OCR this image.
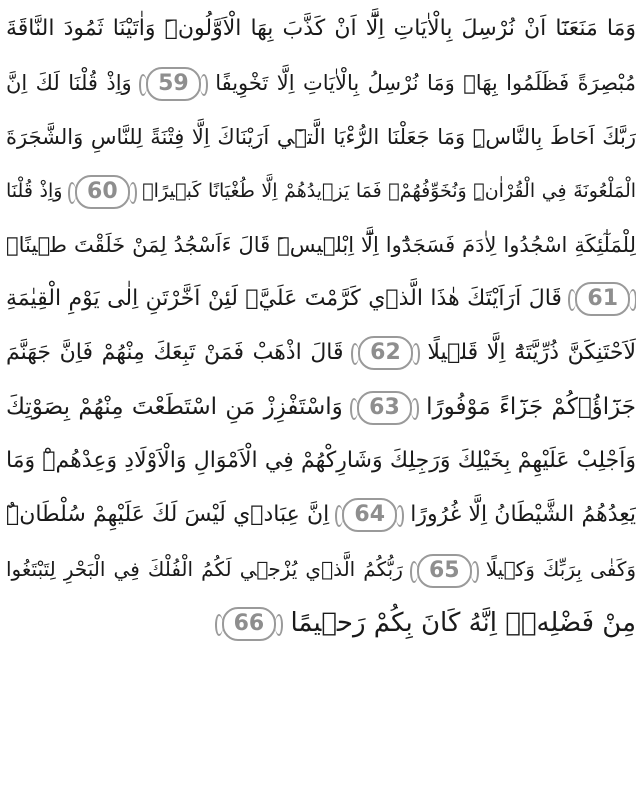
وَمَا مَنَعَنَٓا اَنْ نُرْسِلَ بِالْاٰيَاتِ اِلَّٓا اَنْ كَذَّبَ بِهَا الْاَوَّلُونَۜ وَاٰتَيْنَا ثَمُودَ النَّاقَةَ
مُبْصِرَةً فَظَلَمُوا بِهَاۜ وَمَا نُرْسِلُ بِالْاٰيَاتِ اِلَّا تَخْوِيفًا 59 وَاِذْ قُلْنَا لَكَ اِنَّ
رَبَّكَ اَحَاطَ بِالنَّاسِۜ وَمَا جَعَلْنَا الرُّءْيَا الَّت۪ٓي اَرَيْنَاكَ اِلَّا فِتْنَةً لِلنَّاسِ وَالشَّجَرَةَ
الْمَلْعُونَةَ فِي الْقُرْاٰنِۜ وَنُخَوِّفُهُمْۙ فَمَا يَز۪يدُهُمْ اِلَّا طُغْيَانًا كَب۪يرًا۟ 60 وَاِذْ قُلْنَا
لِلْمَلٰٓئِكَةِ اسْجُدُوا لِاٰدَمَ فَسَجَدُٓوا اِلَّٓا اِبْل۪يسَۜ قَالَ ءَاَسْجُدُ لِمَنْ خَلَقْتَ ط۪ينًاۚ
61 قَالَ اَرَاَيْتَكَ هٰذَا الَّذ۪ي كَرَّمْتَ عَلَيَّۘ لَئِنْ اَخَّرْتَنِ اِلٰى يَوْمِ الْقِيٰمَةِ
لَاَحْتَنِكَنَّ ذُرِّيَّتَهُٓ اِلَّا قَل۪يلًا 62 قَالَ اذْهَبْ فَمَنْ تَبِعَكَ مِنْهُمْ فَاِنَّ جَهَنَّمَ
جَزَٓاؤُ۬كُمْ جَزَٓاءً مَوْفُورًا 63 وَاسْتَفْزِزْ مَنِ اسْتَطَعْتَ مِنْهُمْ بِصَوْتِكَ
وَاَجْلِبْ عَلَيْهِمْ بِخَيْلِكَ وَرَجِلِكَ وَشَارِكْهُمْ فِي الْاَمْوَالِ وَالْاَوْلَادِ وَعِدْهُمْۜ وَمَا
يَعِدُهُمُ الشَّيْطَانُ اِلَّا غُرُورًا 64 اِنَّ عِبَاد۪ي لَيْسَ لَكَ عَلَيْهِمْ سُلْطَانٌۜ
وَكَفٰى بِرَبِّكَ وَك۪يلًا 65 رَبُّكُمُ الَّذ۪ي يُزْج۪ي لَكُمُ الْفُلْكَ فِي الْبَحْرِ لِتَبْتَغُوا
مِنْ فَضْلِه۪ۜ اِنَّهُ كَانَ بِكُمْ رَح۪يمًا 66
